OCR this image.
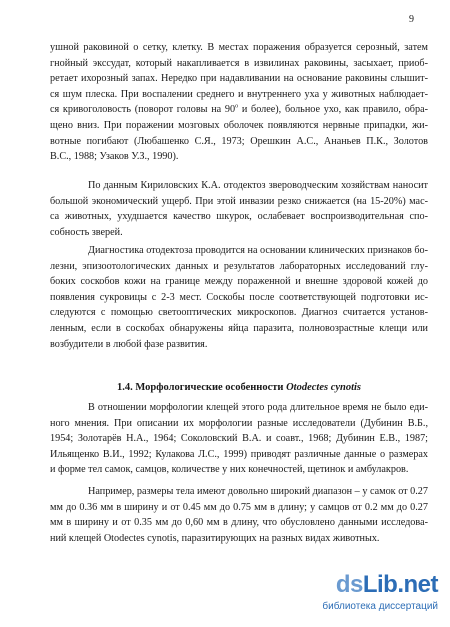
9
ушной раковиной о сетку, клетку. В местах поражения образуется серозный, затем
гнойный экссудат, который накапливается в извилинах раковины, засыхает, приоб-
ретает ихорозный запах. Нередко при надавливании на основание раковины слышит-
ся шум плеска. При воспалении среднего и внутреннего уха у животных наблюдает-
ся кривоголовость (поворот головы на $90^о$ и более), больное ухо, как правило, обра-
щено вниз. При поражении мозговых оболочек появляются нервные припадки, жи-
вотные погибают (Любашенко С.Я., 1973; Орешкин А.С., Ананьев П.К., Золотов
В.С., 1988; Узаков У.З., 1990).
По данным Кириловских К.А. отодектоз звероводческим хозяйствам наносит
большой экономический ущерб. При этой инвазии резко снижается (на 15-20%) мас-
са животных, ухудшается качество шкурок, ослабевает воспроизводительная спо-
собность зверей.
Диагностика отодектоза проводится на основании клинических признаков бо-
лезни, эпизоотологических данных и результатов лабораторных исследований глу-
боких соскобов кожи на границе между пораженной и внешне здоровой кожей до
появления сукровицы с 2-3 мест. Соскобы после соответствующей подготовки ис-
следуются с помощью светооптических микроскопов. Диагноз считается установ-
ленным, если в соскобах обнаружены яйца паразита, полновозрастные клещи или
возбудители в любой фазе развития.
1.4. Морфологические особенности Otodectes cynotis
В отношении морфологии клещей этого рода длительное время не было еди-
ного мнения. При описании их морфологии разные исследователи (Дубинин В.Б.,
1954; Золотарёв Н.А., 1964; Соколовский В.А. и соавт., 1968; Дубинин Е.В., 1987;
Ильященко В.И., 1992; Кулакова Л.С., 1999) приводят различные данные о размерах
и форме тел самок, самцов, количестве у них конечностей, щетинок и амбулакров.
Например, размеры тела имеют довольно широкий диапазон – у самок от 0.27
мм до 0.36 мм в ширину и от 0.45 мм до 0.75 мм в длину; у самцов от 0.2 мм до 0.27
мм в ширину и от 0.35 мм до 0,60 мм в длину, что обусловлено данными исследова-
ний клещей Otodectes cynotis, паразитирующих на разных видах животных.
dsLib.net
библиотека диссертаций
